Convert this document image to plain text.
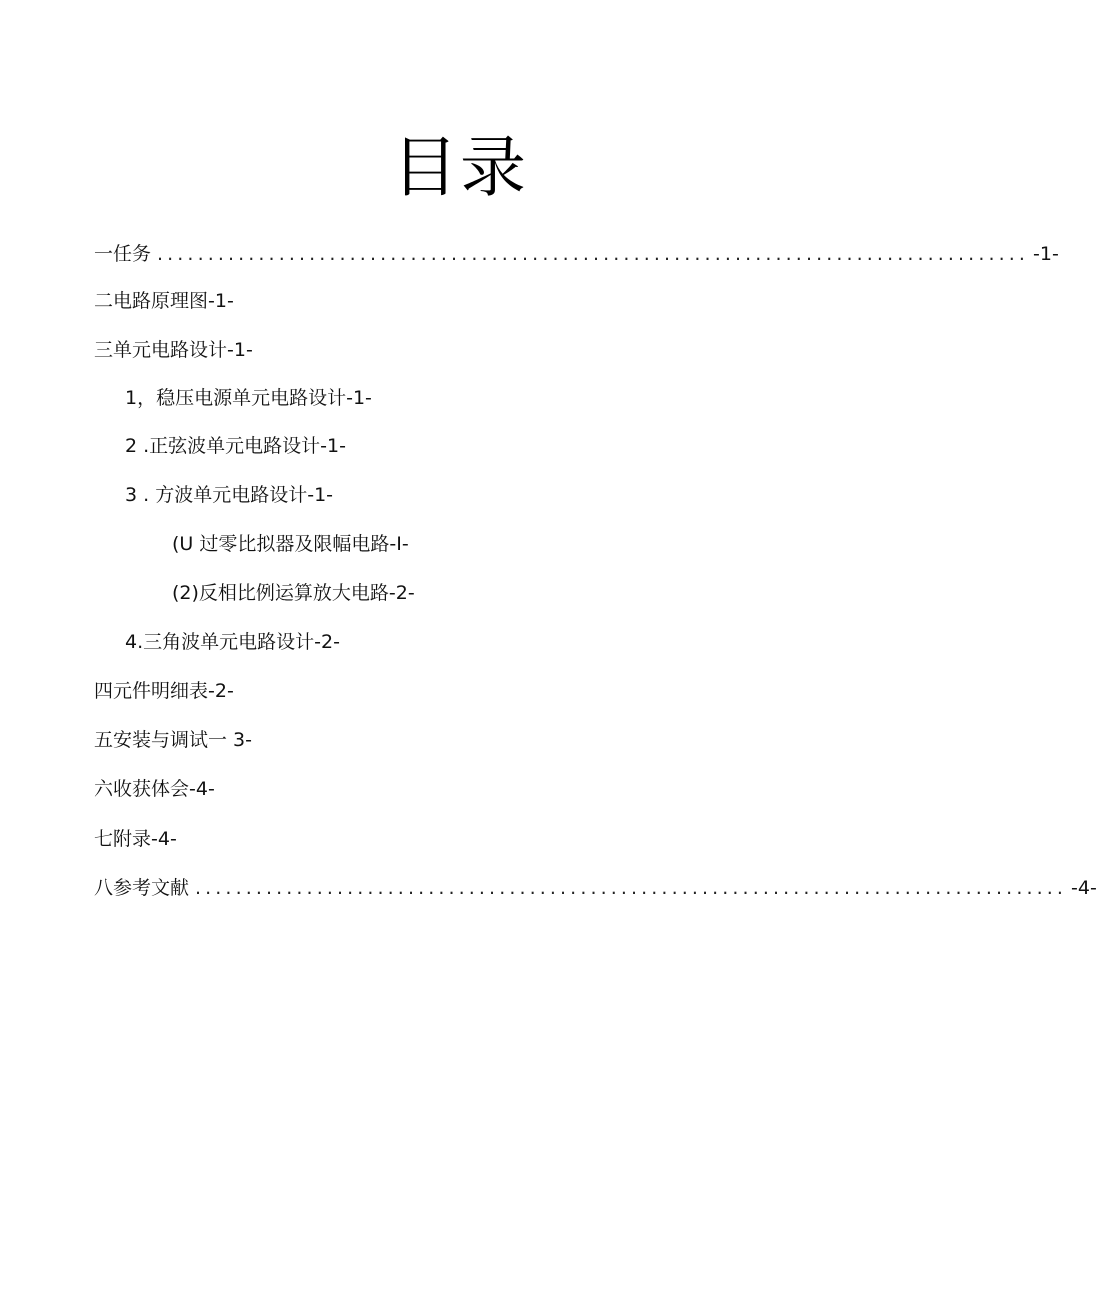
目录
一任务 ...................................................................................... -1-
二电路原理图-1-
三单元电路设计-1-
1，稳压电源单元电路设计-1-
2 .正弦波单元电路设计-1-
3 . 方波单元电路设计-1-
(U 过零比拟器及限幅电路-I-
(2)反相比例运算放大电路-2-
4.三角波单元电路设计-2-
四元件明细表-2-
五安装与调试一 3-
六收获体会-4-
七附录-4-
八参考文献 ...................................................................................... -4-
